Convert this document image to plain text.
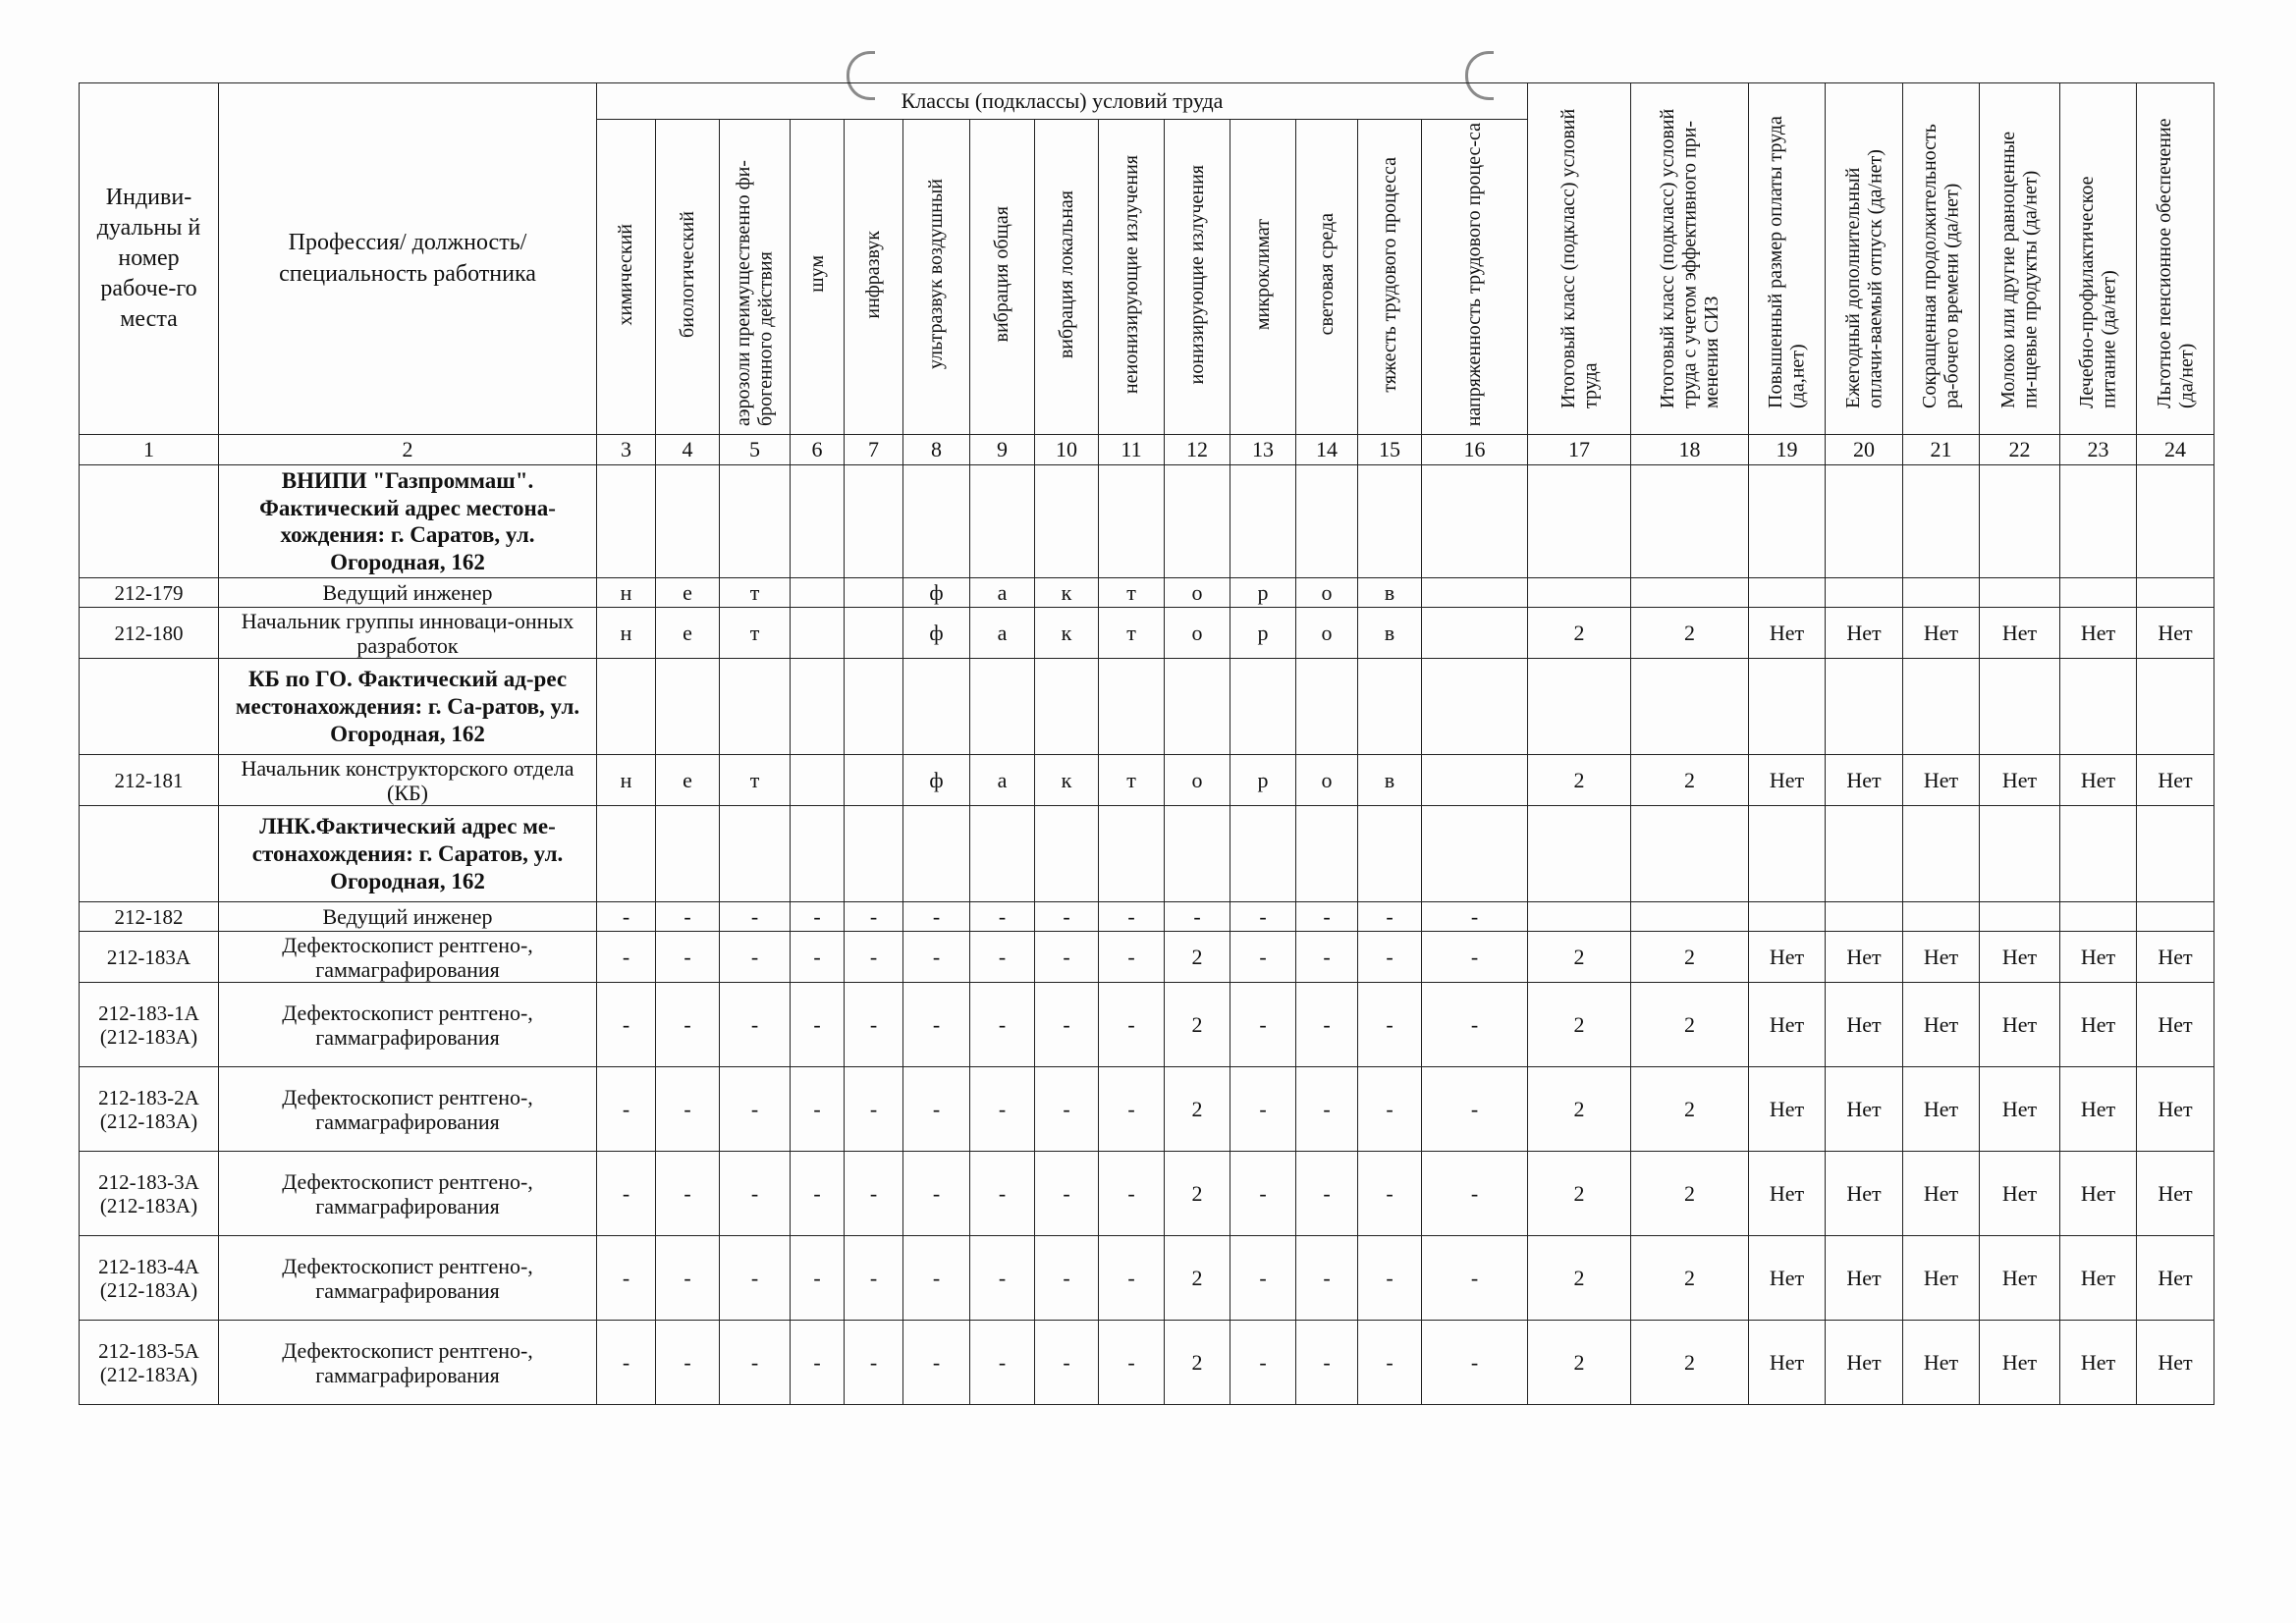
Индиви-дуальны й номер рабоче-го места	Профессия/ должность/ специальность работника	Классы (подклассы) условий труда														Итоговый класс (подкласс) условий труда	Итоговый класс (подкласс) условий труда с учетом эффективного при-менения СИЗ	Повышенный размер оплаты труда (да,нет)	Ежегодный дополнительный оплачи-ваемый отпуск (да/нет)	Сокращенная продолжительность ра-бочего времени (да/нет)	Молоко или другие равноценные пи-щевые продукты (да/нет)	Лечебно-профилактическое питание (да/нет)	Льготное пенсионное обеспечение (да/нет)
		химический	биологический	аэрозоли преимущественно фи-брогенного действия	шум	инфразвук	ультразвук воздушный	вибрация общая	вибрация локальная	неионизирующие излучения	ионизирующие излучения	микроклимат	световая среда	тяжесть трудового процесса	напряженность трудового процес-са								
1	2	3	4	5	6	7	8	9	10	11	12	13	14	15	16	17	18	19	20	21	22	23	24
	ВНИПИ "Газпроммаш". Фактический адрес местона-хождения: г. Саратов, ул. Огородная, 162																						
212-179	Ведущий инженер	н	е	т			ф	а	к	т	о	р	о	в									
212-180	Начальник группы инноваци-онных разработок	н	е	т			ф	а	к	т	о	р	о	в		2	2	Нет	Нет	Нет	Нет	Нет	Нет
	КБ по ГО. Фактический ад-рес местонахождения: г. Са-ратов, ул. Огородная, 162																						
212-181	Начальник конструкторского отдела (КБ)	н	е	т			ф	а	к	т	о	р	о	в		2	2	Нет	Нет	Нет	Нет	Нет	Нет
	ЛНК.Фактический адрес ме-стонахождения: г. Саратов, ул. Огородная, 162																						
212-182	Ведущий инженер	-	-	-	-	-	-	-	-	-	-	-	-	-	-								
212-183А	Дефектоскопист рентгено-, гаммаграфирования	-	-	-	-	-	-	-	-	-	2	-	-	-	-	2	2	Нет	Нет	Нет	Нет	Нет	Нет
212-183-1А (212-183А)	Дефектоскопист рентгено-, гаммаграфирования	-	-	-	-	-	-	-	-	-	2	-	-	-	-	2	2	Нет	Нет	Нет	Нет	Нет	Нет
212-183-2А (212-183А)	Дефектоскопист рентгено-, гаммаграфирования	-	-	-	-	-	-	-	-	-	2	-	-	-	-	2	2	Нет	Нет	Нет	Нет	Нет	Нет
212-183-3А (212-183А)	Дефектоскопист рентгено-, гаммаграфирования	-	-	-	-	-	-	-	-	-	2	-	-	-	-	2	2	Нет	Нет	Нет	Нет	Нет	Нет
212-183-4А (212-183А)	Дефектоскопист рентгено-, гаммаграфирования	-	-	-	-	-	-	-	-	-	2	-	-	-	-	2	2	Нет	Нет	Нет	Нет	Нет	Нет
212-183-5А (212-183А)	Дефектоскопист рентгено-, гаммаграфирования	-	-	-	-	-	-	-	-	-	2	-	-	-	-	2	2	Нет	Нет	Нет	Нет	Нет	Нет
